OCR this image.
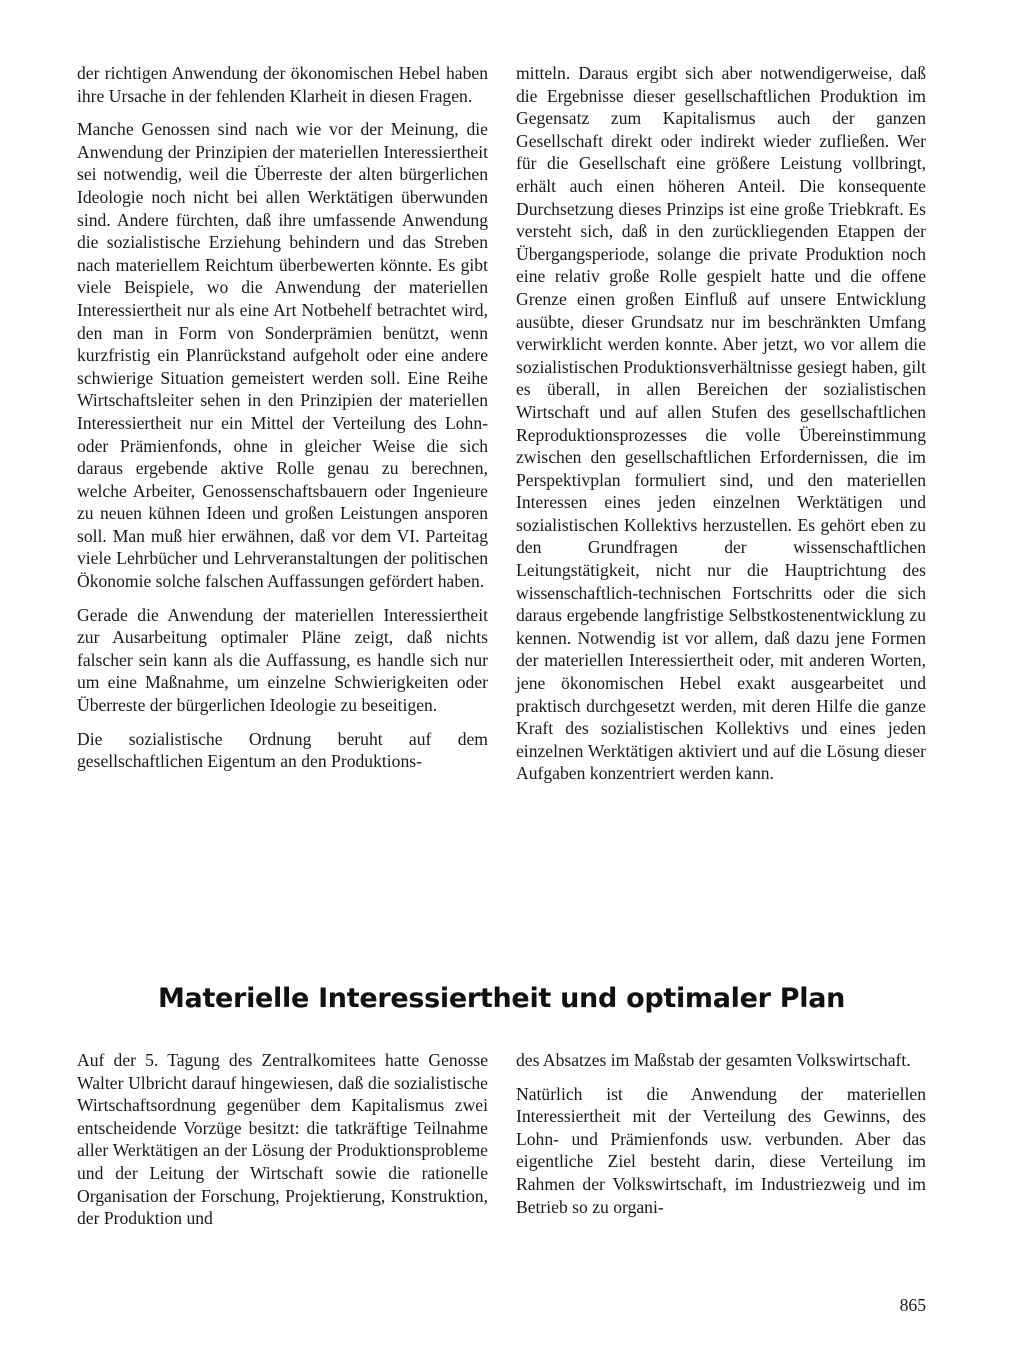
der richtigen Anwendung der ökonomischen Hebel haben ihre Ursache in der fehlenden Klarheit in diesen Fragen.

Manche Genossen sind nach wie vor der Meinung, die Anwendung der Prinzipien der materiellen Interessiertheit sei notwendig, weil die Überreste der alten bürgerlichen Ideologie noch nicht bei allen Werktätigen überwunden sind. Andere fürchten, daß ihre umfassende Anwendung die sozialistische Erziehung behindern und das Streben nach materiellem Reichtum überbewerten könnte. Es gibt viele Beispiele, wo die Anwendung der materiellen Interessiertheit nur als eine Art Notbehelf betrachtet wird, den man in Form von Sonderprämien benützt, wenn kurzfristig ein Planrückstand aufgeholt oder eine andere schwierige Situation gemeistert werden soll. Eine Reihe Wirtschaftsleiter sehen in den Prinzipien der materiellen Interessiertheit nur ein Mittel der Verteilung des Lohn- oder Prämienfonds, ohne in gleicher Weise die sich daraus ergebende aktive Rolle genau zu berechnen, welche Arbeiter, Genossenschaftsbauern oder Ingenieure zu neuen kühnen Ideen und großen Leistungen ansporen soll. Man muß hier erwähnen, daß vor dem VI. Parteitag viele Lehrbücher und Lehrveranstaltungen der politischen Ökonomie solche falschen Auffassungen gefördert haben.

Gerade die Anwendung der materiellen Interessiertheit zur Ausarbeitung optimaler Pläne zeigt, daß nichts falscher sein kann als die Auffassung, es handle sich nur um eine Maßnahme, um einzelne Schwierigkeiten oder Überreste der bürgerlichen Ideologie zu beseitigen.

Die sozialistische Ordnung beruht auf dem gesellschaftlichen Eigentum an den Produktions-

mitteln. Daraus ergibt sich aber notwendigerweise, daß die Ergebnisse dieser gesellschaftlichen Produktion im Gegensatz zum Kapitalismus auch der ganzen Gesellschaft direkt oder indirekt wieder zufließen. Wer für die Gesellschaft eine größere Leistung vollbringt, erhält auch einen höheren Anteil. Die konsequente Durchsetzung dieses Prinzips ist eine große Triebkraft. Es versteht sich, daß in den zurückliegenden Etappen der Übergangsperiode, solange die private Produktion noch eine relativ große Rolle gespielt hatte und die offene Grenze einen großen Einfluß auf unsere Entwicklung ausübte, dieser Grundsatz nur im beschränkten Umfang verwirklicht werden konnte. Aber jetzt, wo vor allem die sozialistischen Produktionsverhältnisse gesiegt haben, gilt es überall, in allen Bereichen der sozialistischen Wirtschaft und auf allen Stufen des gesellschaftlichen Reproduktionsprozesses die volle Übereinstimmung zwischen den gesellschaftlichen Erfordernissen, die im Perspektivplan formuliert sind, und den materiellen Interessen eines jeden einzelnen Werktätigen und sozialistischen Kollektivs herzustellen. Es gehört eben zu den Grundfragen der wissenschaftlichen Leitungstätigkeit, nicht nur die Hauptrichtung des wissenschaftlich-technischen Fortschritts oder die sich daraus ergebende langfristige Selbstkostenentwicklung zu kennen. Notwendig ist vor allem, daß dazu jene Formen der materiellen Interessiertheit oder, mit anderen Worten, jene ökonomischen Hebel exakt ausgearbeitet und praktisch durchgesetzt werden, mit deren Hilfe die ganze Kraft des sozialistischen Kollektivs und eines jeden einzelnen Werktätigen aktiviert und auf die Lösung dieser Aufgaben konzentriert werden kann.

Materielle Interessiertheit und optimaler Plan

Auf der 5. Tagung des Zentralkomitees hatte Genosse Walter Ulbricht darauf hingewiesen, daß die sozialistische Wirtschaftsordnung gegenüber dem Kapitalismus zwei entscheidende Vorzüge besitzt: die tatkräftige Teilnahme aller Werktätigen an der Lösung der Produktionsprobleme und der Leitung der Wirtschaft sowie die rationelle Organisation der Forschung, Projektierung, Konstruktion, der Produktion und

des Absatzes im Maßstab der gesamten Volkswirtschaft.

Natürlich ist die Anwendung der materiellen Interessiertheit mit der Verteilung des Gewinns, des Lohn- und Prämienfonds usw. verbunden. Aber das eigentliche Ziel besteht darin, diese Verteilung im Rahmen der Volkswirtschaft, im Industriezweig und im Betrieb so zu organi-

865
